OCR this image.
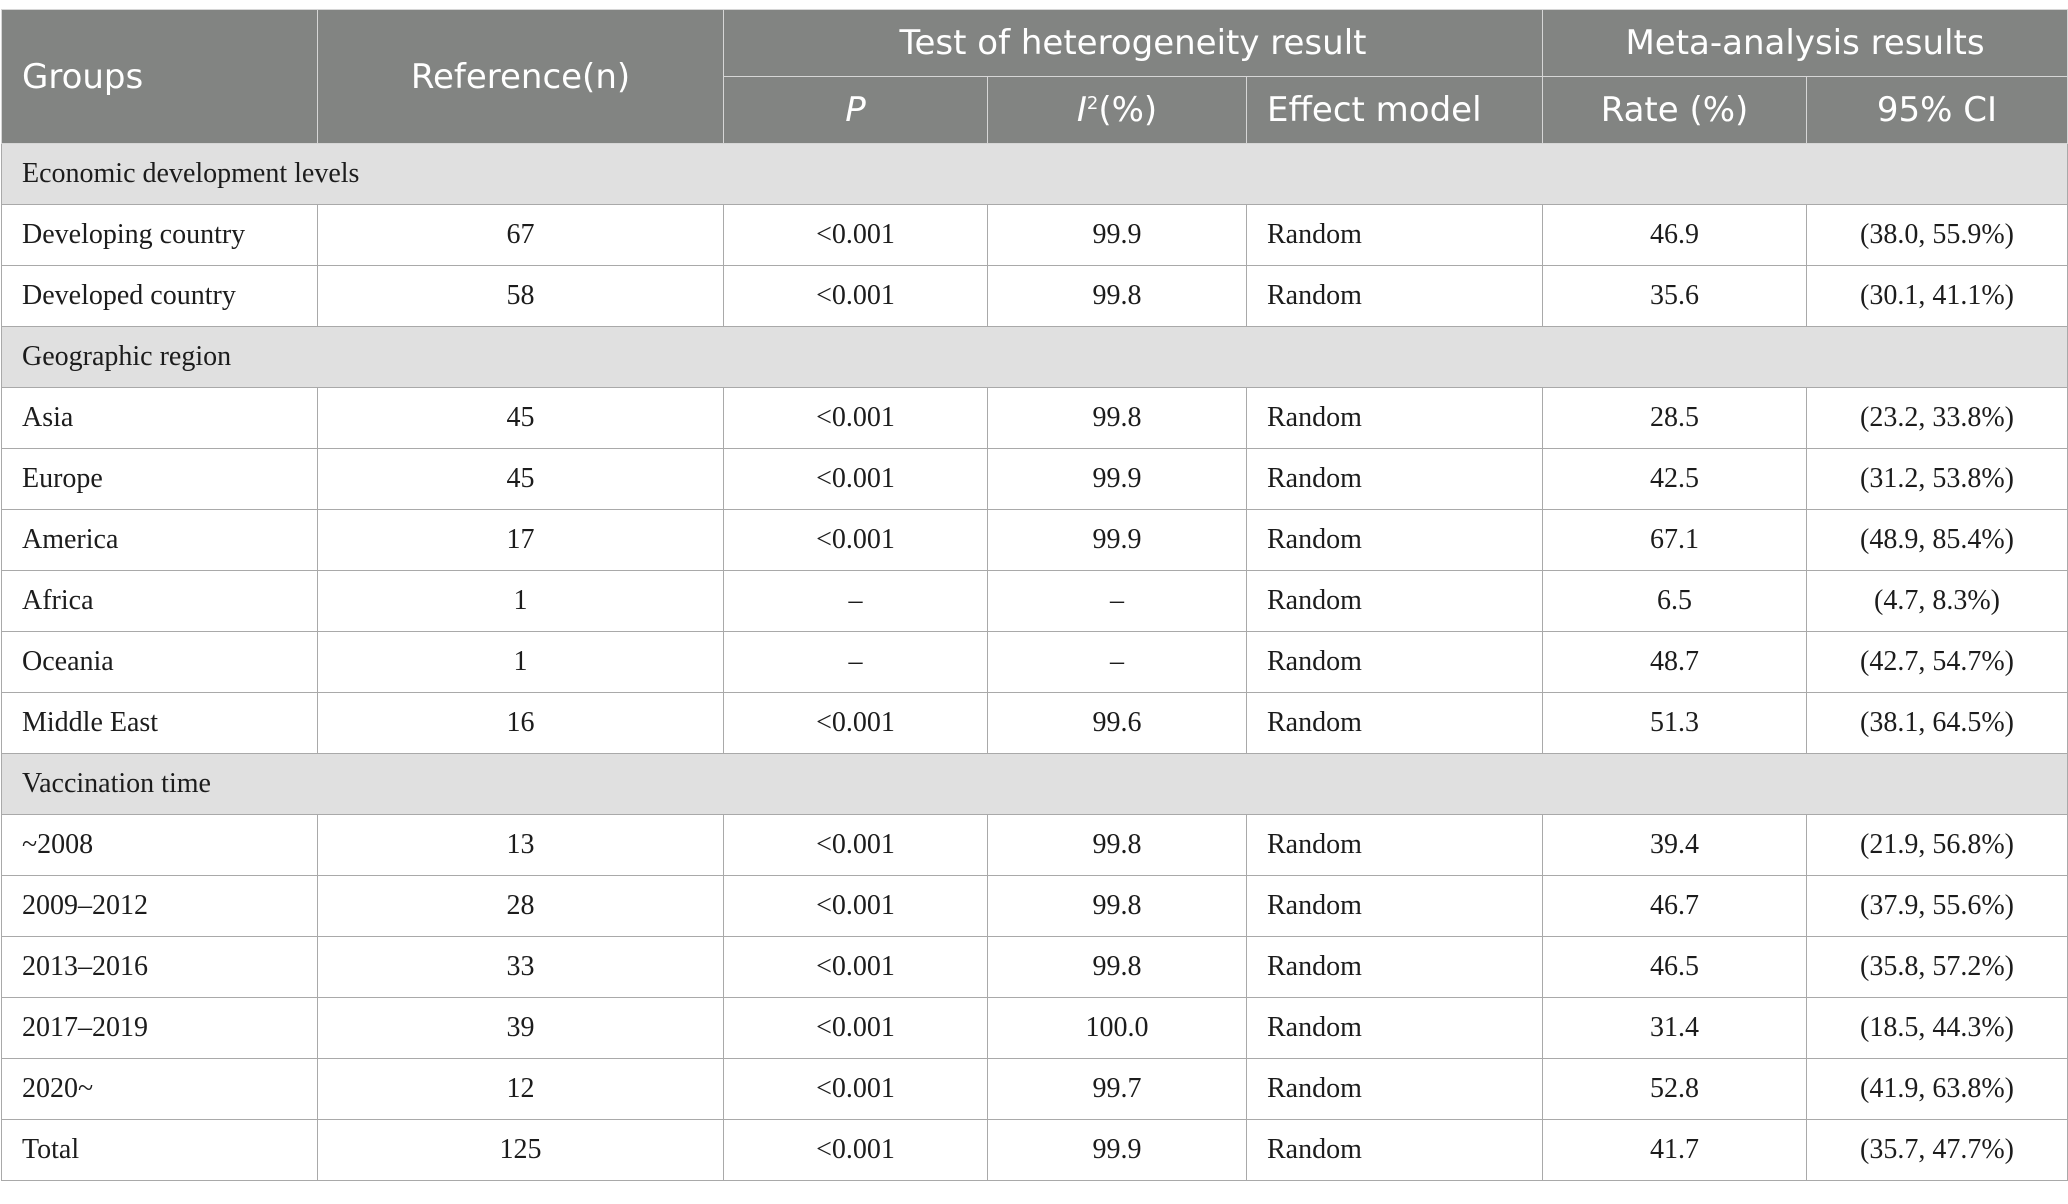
Groups	Reference(n)	Test of heterogeneity result			Meta-analysis results	
		P	$I^2(\%)$	Effect model	Rate (%)	95% CI
Economic development levels						
Developing country	67	<0.001	99.9	Random	46.9	(38.0, 55.9%)
Developed country	58	<0.001	99.8	Random	35.6	(30.1, 41.1%)
Geographic region						
Asia	45	<0.001	99.8	Random	28.5	(23.2, 33.8%)
Europe	45	<0.001	99.9	Random	42.5	(31.2, 53.8%)
America	17	<0.001	99.9	Random	67.1	(48.9, 85.4%)
Africa	1	–	–	Random	6.5	(4.7, 8.3%)
Oceania	1	–	–	Random	48.7	(42.7, 54.7%)
Middle East	16	<0.001	99.6	Random	51.3	(38.1, 64.5%)
Vaccination time						
~2008	13	<0.001	99.8	Random	39.4	(21.9, 56.8%)
2009–2012	28	<0.001	99.8	Random	46.7	(37.9, 55.6%)
2013–2016	33	<0.001	99.8	Random	46.5	(35.8, 57.2%)
2017–2019	39	<0.001	100.0	Random	31.4	(18.5, 44.3%)
2020~	12	<0.001	99.7	Random	52.8	(41.9, 63.8%)
Total	125	<0.001	99.9	Random	41.7	(35.7, 47.7%)
